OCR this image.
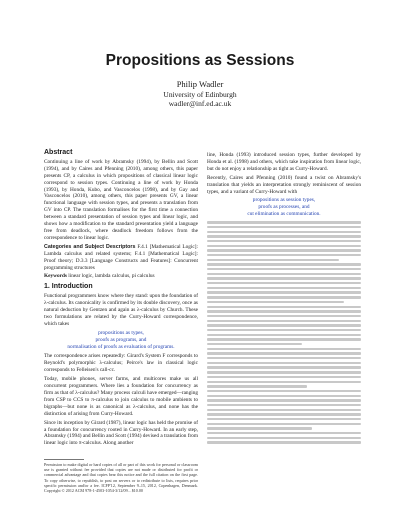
Propositions as Sessions
Philip Wadler
University of Edinburgh
wadler@inf.ed.ac.uk
Abstract

Continuing a line of work by Abramsky (1994), by Bellin and Scott (1994), and by Caires and Pfenning (2010), among others, this paper presents CP, a calculus in which propositions of classical linear logic correspond to session types. Continuing a line of work by Honda (1993), by Honda, Kubo, and Vasconcelos (1998), and by Gay and Vasconcelos (2010), among others, this paper presents GV, a linear functional language with session types, and presents a translation from GV into CP. The translation formalises for the first time a connection between a standard presentation of session types and linear logic, and shows how a modification to the standard presentation yield a language free from deadlock, where deadlock freedom follows from the correspondence to linear logic.

Categories and Subject Descriptors F.4.1 [Mathematical Logic]: Lambda calculus and related systems; F.4.1 [Mathematical Logic]: Proof theory; D.3.3 [Language Constructs and Features]: Concurrent programming structures

Keywords linear logic, lambda calculus, pi calculus

1. Introduction

Functional programmers know where they stand: upon the foundation of λ-calculus. Its canonicality is confirmed by its double discovery, once as natural deduction by Gentzen and again as λ-calculus by Church. These two formulations are related by the Curry-Howard correspondence, which takes

propositions as types,
proofs as programs, and
normalisation of proofs as evaluation of programs.

The correspondence arises repeatedly: Girard's System F corresponds to Reynold's polymorphic λ-calculus; Peirce's law in classical logic corresponds to Felleisen's call-cc.

Today, mobile phones, server farms, and multicores make us all concurrent programmers. Where lies a foundation for concurrency as firm as that of λ-calculus? Many process calculi have emerged—ranging from CSP to CCS to π-calculus to join calculus to mobile ambients to bigraphs—but none is as canonical as λ-calculus, and none has the distinction of arising from Curry-Howard.

Since its inception by Girard (1987), linear logic has held the promise of a foundation for concurrency rooted in Curry-Howard. In an early step, Abramsky (1994) and Bellin and Scott (1994) devised a translation from linear logic into π-calculus. Along another

Permission to make digital or hard copies of all or part of this work for personal or classroom use is granted without fee provided that copies are not made or distributed for profit or commercial advantage and that copies bear this notice and the full citation on the first page. To copy otherwise, to republish, to post on servers or to redistribute to lists, requires prior specific permission and/or a fee. ICFP'12, September 9–15, 2012, Copenhagen, Denmark. Copyright © 2012 ACM 978-1-4503-1054-3/12/09... $10.00

line, Honda (1993) introduced session types, further developed by Honda et al. (1998) and others, which take inspiration from linear logic, but do not enjoy a relationship as tight as Curry-Howard.

Recently, Caires and Pfenning (2010) found a twist on Abramsky's translation that yields an interpretation strongly reminiscent of session types, and a variant of Curry-Howard with

propositions as session types,
proofs as processes, and
cut elimination as communication.
